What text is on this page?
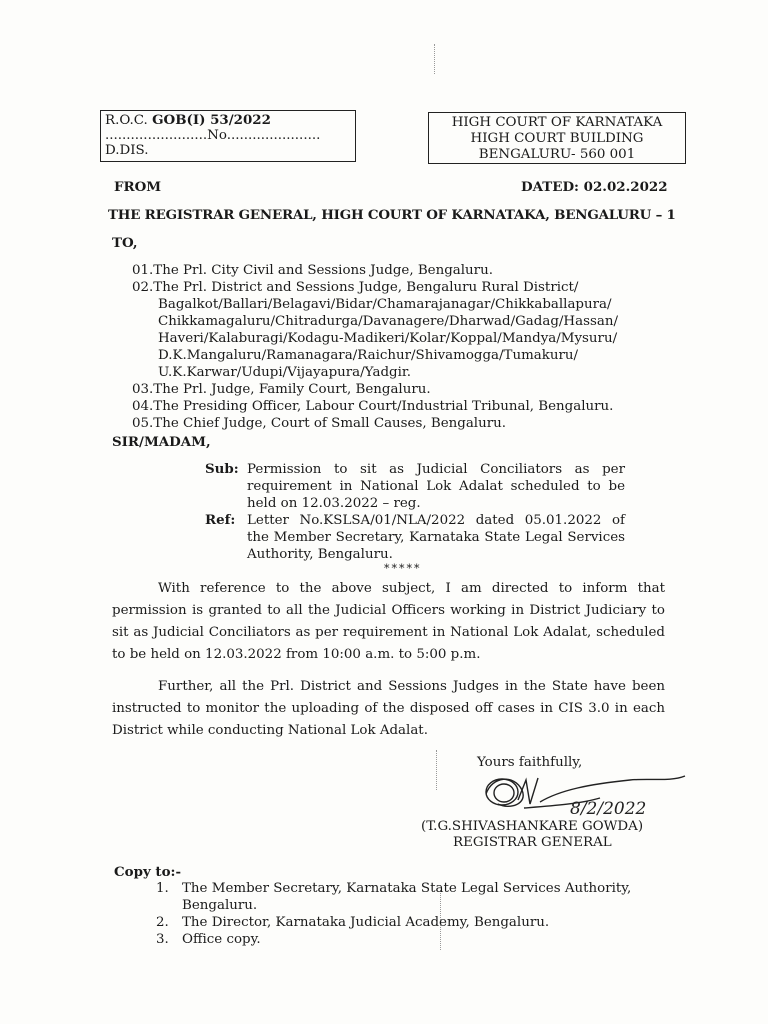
R.O.C. GOB(I) 53/2022
........................No......................
D.DIS.
HIGH COURT OF KARNATAKA
HIGH COURT BUILDING
BENGALURU- 560 001
FROM	DATED: 02.02.2022
THE REGISTRAR GENERAL, HIGH COURT OF KARNATAKA, BENGALURU – 1
TO,
01. The Prl. City Civil and Sessions Judge, Bengaluru.
02. The Prl. District and Sessions Judge, Bengaluru Rural District/
Bagalkot/Ballari/Belagavi/Bidar/Chamarajanagar/Chikkaballapura/
Chikkamagaluru/Chitradurga/Davanagere/Dharwad/Gadag/Hassan/
Haveri/Kalaburagi/Kodagu-Madikeri/Kolar/Koppal/Mandya/Mysuru/
D.K.Mangaluru/Ramanagara/Raichur/Shivamogga/Tumakuru/
U.K.Karwar/Udupi/Vijayapura/Yadgir.
03. The Prl. Judge, Family Court, Bengaluru.
04. The Presiding Officer, Labour Court/Industrial Tribunal, Bengaluru.
05. The Chief Judge, Court of Small Causes, Bengaluru.
SIR/MADAM,
Sub: Permission to sit as Judicial Conciliators as per requirement in National Lok Adalat scheduled to be held on 12.03.2022 – reg.
Ref: Letter No.KSLSA/01/NLA/2022 dated 05.01.2022 of the Member Secretary, Karnataka State Legal Services Authority, Bengaluru.
*****
With reference to the above subject, I am directed to inform that permission is granted to all the Judicial Officers working in District Judiciary to sit as Judicial Conciliators as per requirement in National Lok Adalat, scheduled to be held on 12.03.2022 from 10:00 a.m. to 5:00 p.m.
Further, all the Prl. District and Sessions Judges in the State have been instructed to monitor the uploading of the disposed off cases in CIS 3.0 in each District while conducting National Lok Adalat.
Yours faithfully,
8/2/2022
(T.G.SHIVASHANKARE GOWDA)
REGISTRAR GENERAL
Copy to:-
1. The Member Secretary, Karnataka State Legal Services Authority,
Bengaluru.
2. The Director, Karnataka Judicial Academy, Bengaluru.
3. Office copy.
